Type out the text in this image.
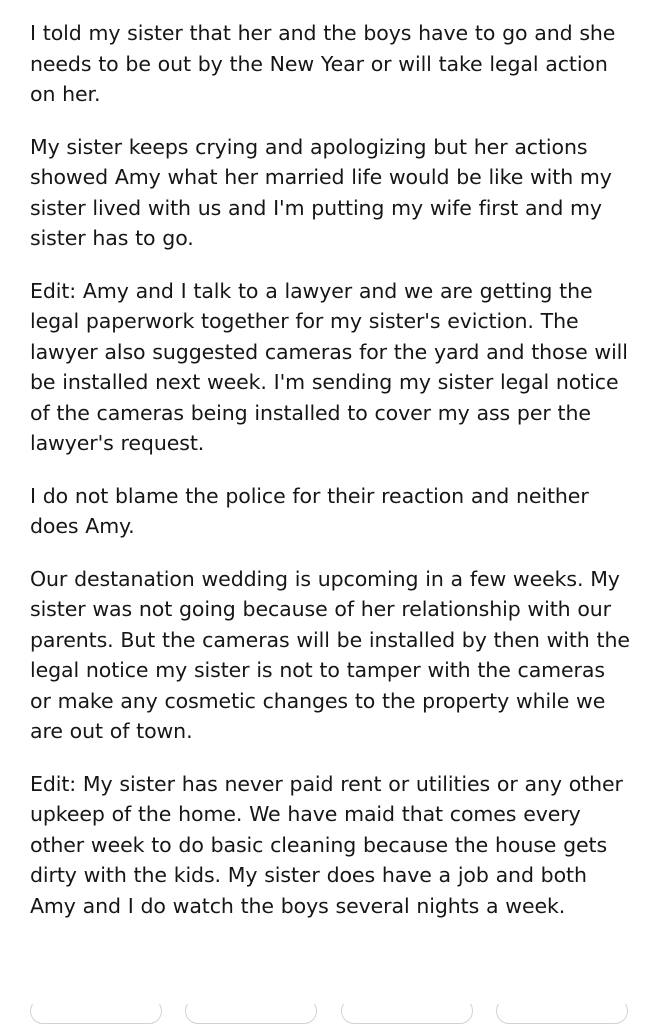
I told my sister that her and the boys have to go and she needs to be out by the New Year or will take legal action on her.

My sister keeps crying and apologizing but her actions showed Amy what her married life would be like with my sister lived with us and I'm putting my wife first and my sister has to go.

Edit: Amy and I talk to a lawyer and we are getting the legal paperwork together for my sister's eviction. The lawyer also suggested cameras for the yard and those will be installed next week. I'm sending my sister legal notice of the cameras being installed to cover my ass per the lawyer's request.

I do not blame the police for their reaction and neither does Amy.

Our destanation wedding is upcoming in a few weeks. My sister was not going because of her relationship with our parents. But the cameras will be installed by then with the legal notice my sister is not to tamper with the cameras or make any cosmetic changes to the property while we are out of town.

Edit: My sister has never paid rent or utilities or any other upkeep of the home. We have maid that comes every other week to do basic cleaning because the house gets dirty with the kids. My sister does have a job and both Amy and I do watch the boys several nights a week.
